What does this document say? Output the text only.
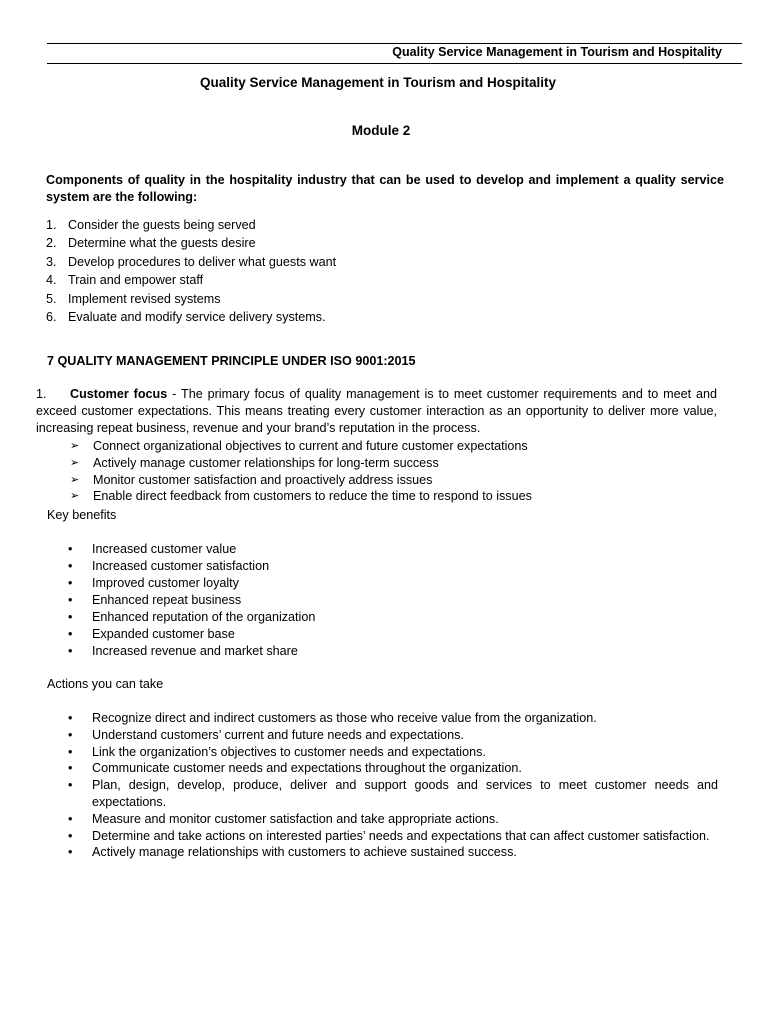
Quality Service Management in Tourism and Hospitality
Quality Service Management in Tourism and Hospitality
Module 2
Components of quality in the hospitality industry that can be used to develop and implement a quality service system are the following:
1. Consider the guests being served
2. Determine what the guests desire
3. Develop procedures to deliver what guests want
4. Train and empower staff
5. Implement revised systems
6. Evaluate and modify service delivery systems.
7 QUALITY MANAGEMENT PRINCIPLE UNDER ISO 9001:2015
1. Customer focus - The primary focus of quality management is to meet customer requirements and to meet and exceed customer expectations. This means treating every customer interaction as an opportunity to deliver more value, increasing repeat business, revenue and your brand’s reputation in the process.
➢	Connect organizational objectives to current and future customer expectations
➢	Actively manage customer relationships for long-term success
➢	Monitor customer satisfaction and proactively address issues
➢	Enable direct feedback from customers to reduce the time to respond to issues
Key benefits
•	Increased customer value
•	Increased customer satisfaction
•	Improved customer loyalty
•	Enhanced repeat business
•	Enhanced reputation of the organization
•	Expanded customer base
•	Increased revenue and market share
Actions you can take
•	Recognize direct and indirect customers as those who receive value from the organization.
•	Understand customers’ current and future needs and expectations.
•	Link the organization’s objectives to customer needs and expectations.
•	Communicate customer needs and expectations throughout the organization.
•	Plan, design, develop, produce, deliver and support goods and services to meet customer needs and expectations.
•	Measure and monitor customer satisfaction and take appropriate actions.
•	Determine and take actions on interested parties’ needs and expectations that can affect customer satisfaction.
•	Actively manage relationships with customers to achieve sustained success.
